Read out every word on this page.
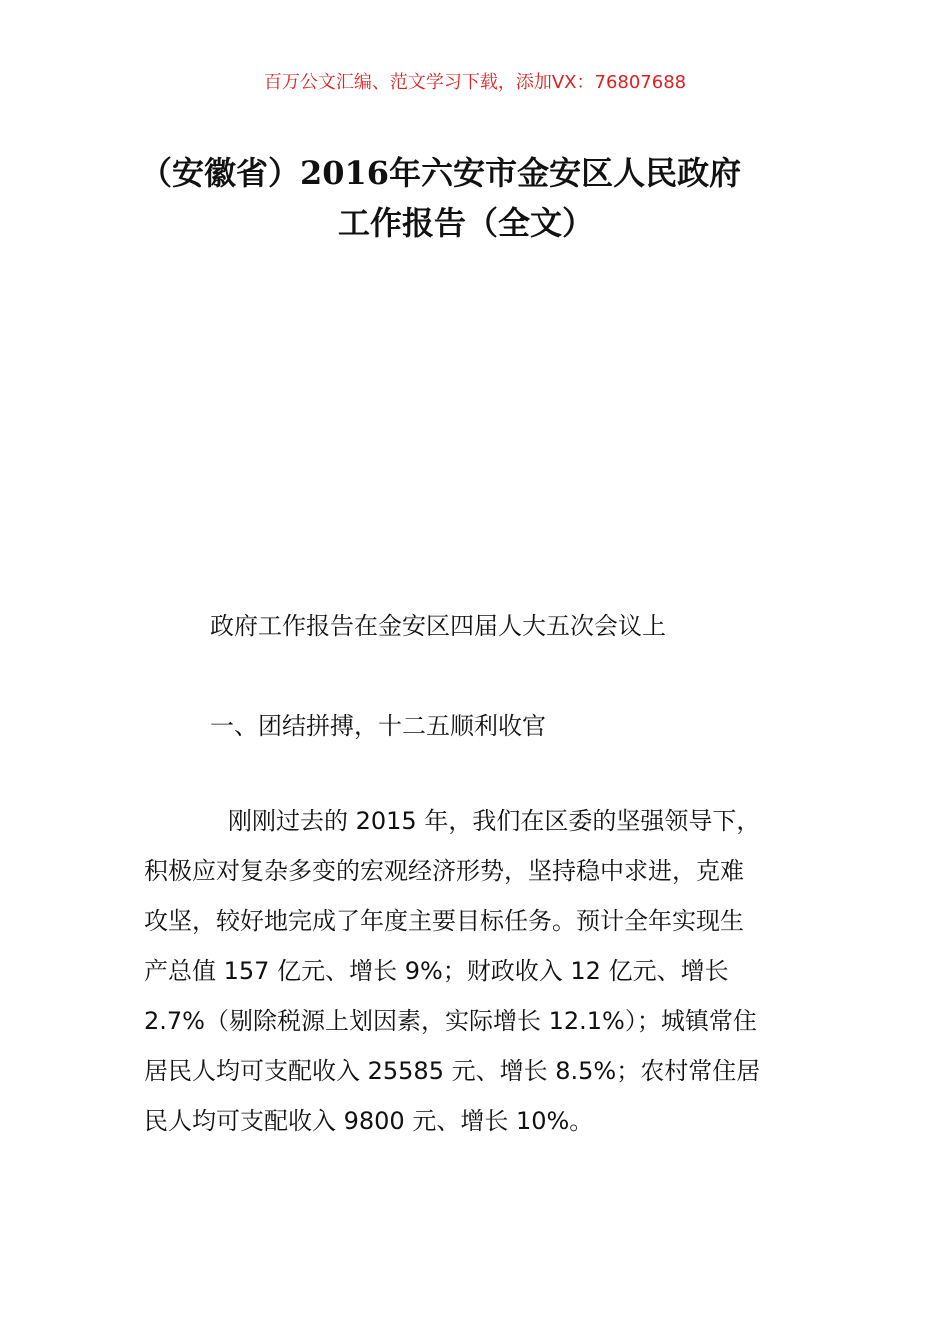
百万公文汇编、范文学习下载，添加VX：76807688
（安徽省）2016年六安市金安区人民政府
工作报告（全文）
政府工作报告在金安区四届人大五次会议上
一、团结拼搏，十二五顺利收官
刚刚过去的 2015 年，我们在区委的坚强领导下，
积极应对复杂多变的宏观经济形势，坚持稳中求进，克难
攻坚，较好地完成了年度主要目标任务。预计全年实现生
产总值 157 亿元、增长 9%；财政收入 12 亿元、增长
2.7%（剔除税源上划因素，实际增长 12.1%）；城镇常住
居民人均可支配收入 25585 元、增长 8.5%；农村常住居
民人均可支配收入 9800 元、增长 10%。
